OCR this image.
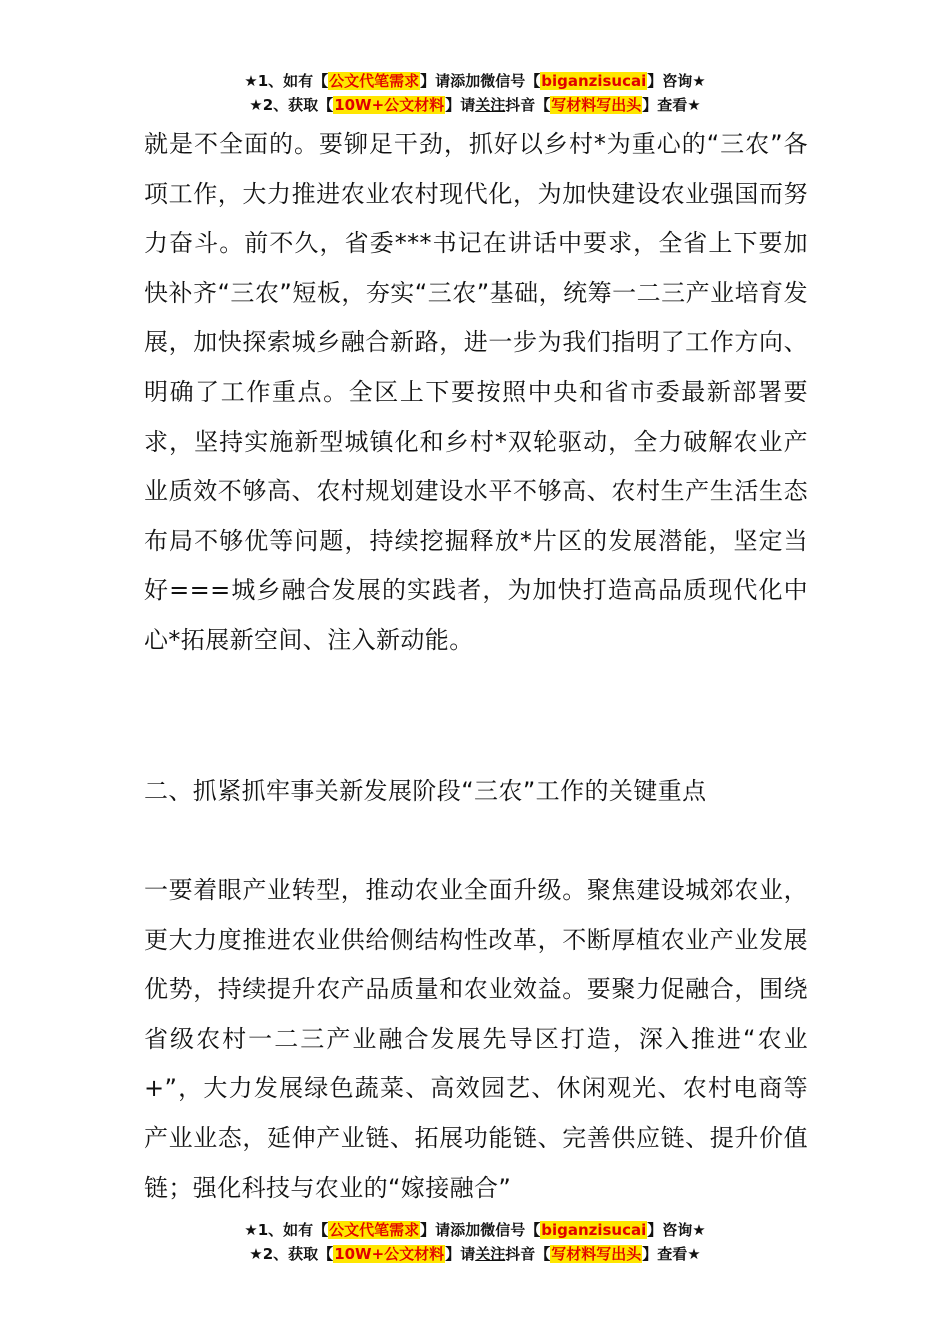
★1、如有【公文代笔需求】请添加微信号【biganzisucai】咨询★
★2、获取【10W+公文材料】请关注抖音【写材料写出头】查看★

就是不全面的。要铆足干劲，抓好以乡村*为重心的“三农”各项工作，大力推进农业农村现代化，为加快建设农业强国而努力奋斗。前不久，省委***书记在讲话中要求，全省上下要加快补齐“三农”短板，夯实“三农”基础，统筹一二三产业培育发展，加快探索城乡融合新路，进一步为我们指明了工作方向、明确了工作重点。全区上下要按照中央和省市委最新部署要求，坚持实施新型城镇化和乡村*双轮驱动，全力破解农业产业质效不够高、农村规划建设水平不够高、农村生产生活生态布局不够优等问题，持续挖掘释放*片区的发展潜能，坚定当好===城乡融合发展的实践者，为加快打造高品质现代化中心*拓展新空间、注入新动能。

二、抓紧抓牢事关新发展阶段“三农”工作的关键重点

一要着眼产业转型，推动农业全面升级。聚焦建设城郊农业，更大力度推进农业供给侧结构性改革，不断厚植农业产业发展优势，持续提升农产品质量和农业效益。要聚力促融合，围绕省级农村一二三产业融合发展先导区打造，深入推进“农业+”，大力发展绿色蔬菜、高效园艺、休闲观光、农村电商等产业业态，延伸产业链、拓展功能链、完善供应链、提升价值链；强化科技与农业的“嫁接融合”

★1、如有【公文代笔需求】请添加微信号【biganzisucai】咨询★
★2、获取【10W+公文材料】请关注抖音【写材料写出头】查看★
